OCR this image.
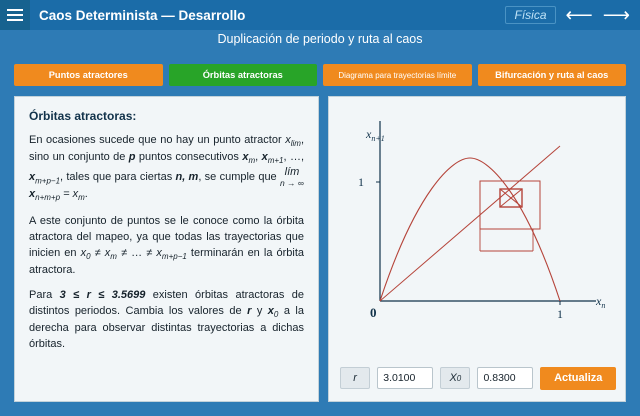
Caos Determinista — Desarrollo	Física	⟵ ⟶
Duplicación de periodo y ruta al caos
Puntos atractores	Órbitas atractoras	Diagrama para trayectorias límite	Bifurcación y ruta al caos
Órbitas atractoras:

En ocasiones sucede que no hay un punto atractor $x_{lim}$, sino un conjunto de p puntos consecutivos $x_m$, $x_{m+1}$, …, $x_{m+p-1}$, tales que para ciertas n, m, se cumple que lím
n → ∞
$x_{n+m+p} = x_m$.

A este conjunto de puntos se le conoce como la órbita atractora del mapeo, ya que todas las trayectorias que inicien en $x_0 \ne x_m$ ≠ … ≠ $x_{m+p-1}$ terminarán en la órbita atractora.

Para 3 ≤ r ≤ 3.5699 existen órbitas atractoras de distintos periodos. Cambia los valores de r y $x_0$ a la derecha para observar distintas trayectorias a dichas órbitas.

1
1
0
$x_{n+1}$
$x_n$
r
3.0100	X 0
0.8300	Actualiza
